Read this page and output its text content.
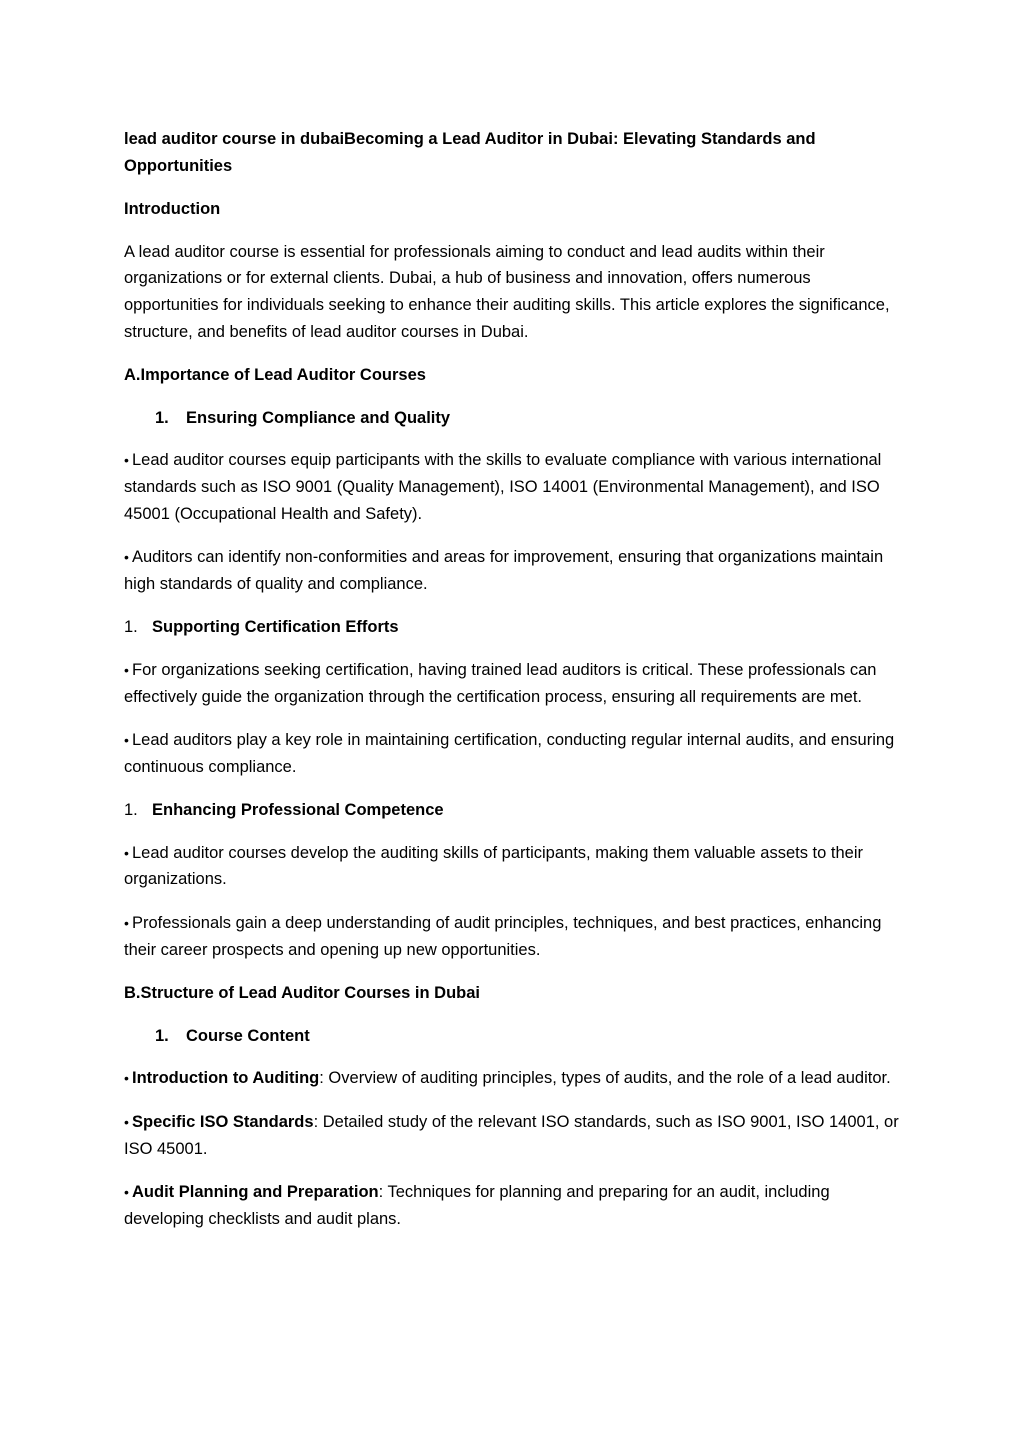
lead auditor course in dubaiBecoming a Lead Auditor in Dubai: Elevating Standards and Opportunities
Introduction
A lead auditor course is essential for professionals aiming to conduct and lead audits within their organizations or for external clients. Dubai, a hub of business and innovation, offers numerous opportunities for individuals seeking to enhance their auditing skills. This article explores the significance, structure, and benefits of lead auditor courses in Dubai.
A.Importance of Lead Auditor Courses
1. Ensuring Compliance and Quality
• Lead auditor courses equip participants with the skills to evaluate compliance with various international standards such as ISO 9001 (Quality Management), ISO 14001 (Environmental Management), and ISO 45001 (Occupational Health and Safety).
• Auditors can identify non-conformities and areas for improvement, ensuring that organizations maintain high standards of quality and compliance.
1. Supporting Certification Efforts
• For organizations seeking certification, having trained lead auditors is critical. These professionals can effectively guide the organization through the certification process, ensuring all requirements are met.
• Lead auditors play a key role in maintaining certification, conducting regular internal audits, and ensuring continuous compliance.
1. Enhancing Professional Competence
• Lead auditor courses develop the auditing skills of participants, making them valuable assets to their organizations.
• Professionals gain a deep understanding of audit principles, techniques, and best practices, enhancing their career prospects and opening up new opportunities.
B.Structure of Lead Auditor Courses in Dubai
1. Course Content
• Introduction to Auditing: Overview of auditing principles, types of audits, and the role of a lead auditor.
• Specific ISO Standards: Detailed study of the relevant ISO standards, such as ISO 9001, ISO 14001, or ISO 45001.
• Audit Planning and Preparation: Techniques for planning and preparing for an audit, including developing checklists and audit plans.
